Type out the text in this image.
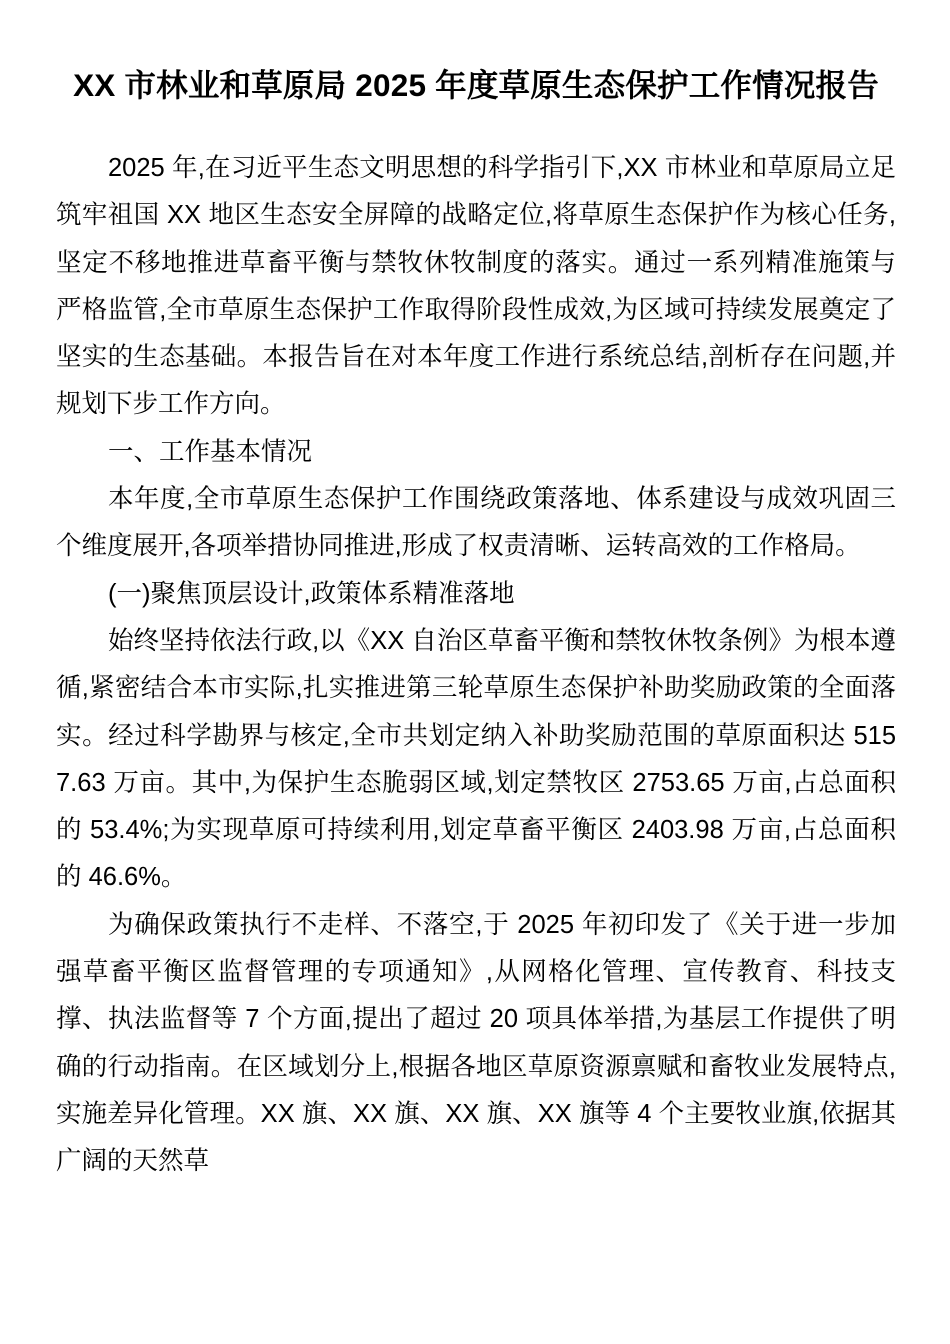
XX 市林业和草原局 2025 年度草原生态保护工作情况报告

2025 年,在习近平生态文明思想的科学指引下,XX 市林业和草原局立足筑牢祖国 XX 地区生态安全屏障的战略定位,将草原生态保护作为核心任务,坚定不移地推进草畜平衡与禁牧休牧制度的落实。通过一系列精准施策与严格监管,全市草原生态保护工作取得阶段性成效,为区域可持续发展奠定了坚实的生态基础。本报告旨在对本年度工作进行系统总结,剖析存在问题,并规划下步工作方向。

一、工作基本情况

本年度,全市草原生态保护工作围绕政策落地、体系建设与成效巩固三个维度展开,各项举措协同推进,形成了权责清晰、运转高效的工作格局。

(一)聚焦顶层设计,政策体系精准落地

始终坚持依法行政,以《XX 自治区草畜平衡和禁牧休牧条例》为根本遵循,紧密结合本市实际,扎实推进第三轮草原生态保护补助奖励政策的全面落实。经过科学勘界与核定,全市共划定纳入补助奖励范围的草原面积达 5157.63 万亩。其中,为保护生态脆弱区域,划定禁牧区 2753.65 万亩,占总面积的 53.4%;为实现草原可持续利用,划定草畜平衡区 2403.98 万亩,占总面积的 46.6%。

为确保政策执行不走样、不落空,于 2025 年初印发了《关于进一步加强草畜平衡区监督管理的专项通知》,从网格化管理、宣传教育、科技支撑、执法监督等 7 个方面,提出了超过 20 项具体举措,为基层工作提供了明确的行动指南。在区域划分上,根据各地区草原资源禀赋和畜牧业发展特点,实施差异化管理。XX 旗、XX 旗、XX 旗、XX 旗等 4 个主要牧业旗,依据其广阔的天然草
